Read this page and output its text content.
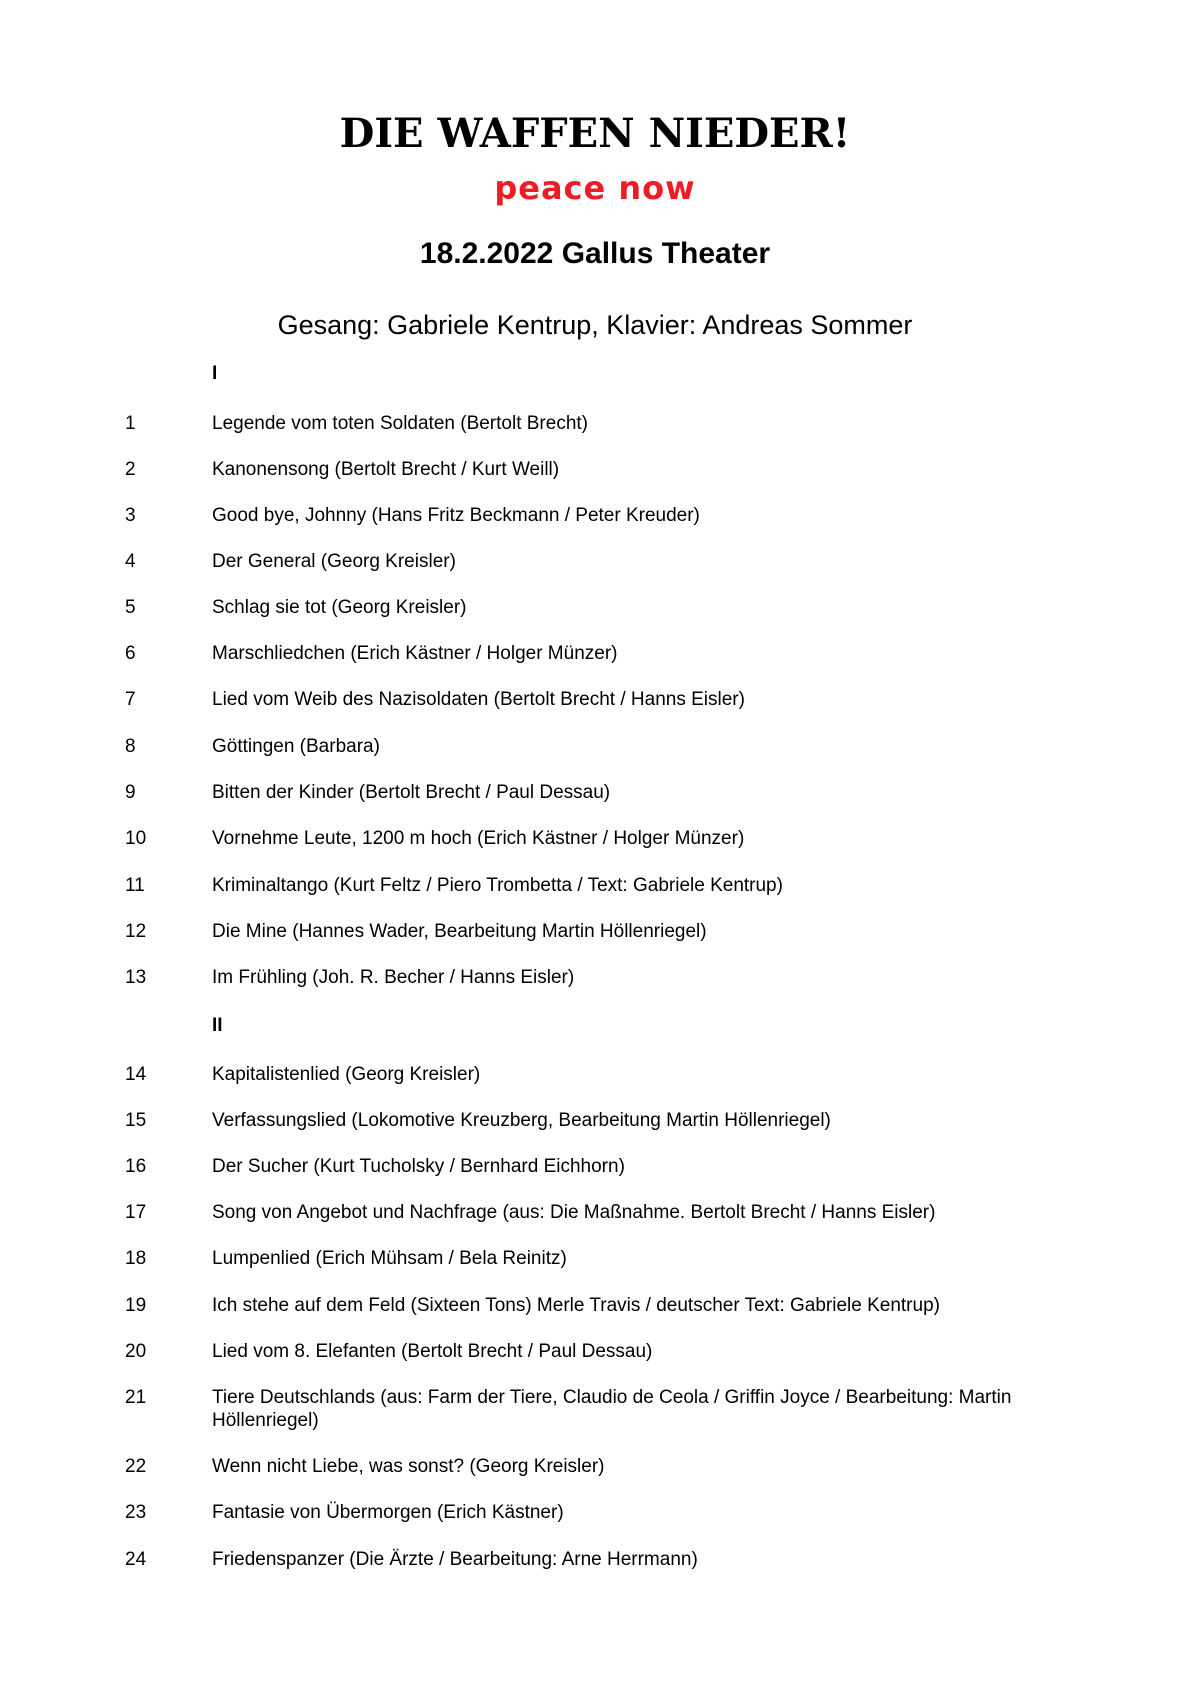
DIE WAFFEN NIEDER!
peace now
18.2.2022 Gallus Theater
Gesang: Gabriele Kentrup, Klavier: Andreas Sommer
I
1	Legende vom toten Soldaten (Bertolt Brecht)
2	Kanonensong (Bertolt Brecht / Kurt Weill)
3	Good bye, Johnny (Hans Fritz Beckmann / Peter Kreuder)
4	Der General (Georg Kreisler)
5	Schlag sie tot (Georg Kreisler)
6	Marschliedchen (Erich Kästner / Holger Münzer)
7	Lied vom Weib des Nazisoldaten (Bertolt Brecht / Hanns Eisler)
8	Göttingen (Barbara)
9	Bitten der Kinder (Bertolt Brecht / Paul Dessau)
10	Vornehme Leute, 1200 m hoch (Erich Kästner / Holger Münzer)
11	Kriminaltango (Kurt Feltz / Piero Trombetta / Text: Gabriele Kentrup)
12	Die Mine (Hannes Wader, Bearbeitung Martin Höllenriegel)
13	Im Frühling (Joh. R. Becher / Hanns Eisler)
II
14	Kapitalistenlied (Georg Kreisler)
15	Verfassungslied (Lokomotive Kreuzberg, Bearbeitung Martin Höllenriegel)
16	Der Sucher (Kurt Tucholsky / Bernhard Eichhorn)
17	Song von Angebot und Nachfrage (aus: Die Maßnahme. Bertolt Brecht / Hanns Eisler)
18	Lumpenlied (Erich Mühsam / Bela Reinitz)
19	Ich stehe auf dem Feld (Sixteen Tons) Merle Travis / deutscher Text: Gabriele Kentrup)
20	Lied vom 8. Elefanten (Bertolt Brecht / Paul Dessau)
21	Tiere Deutschlands (aus: Farm der Tiere, Claudio de Ceola / Griffin Joyce / Bearbeitung: Martin Höllenriegel)
22	Wenn nicht Liebe, was sonst? (Georg Kreisler)
23	Fantasie von Übermorgen (Erich Kästner)
24	Friedenspanzer (Die Ärzte / Bearbeitung: Arne Herrmann)
